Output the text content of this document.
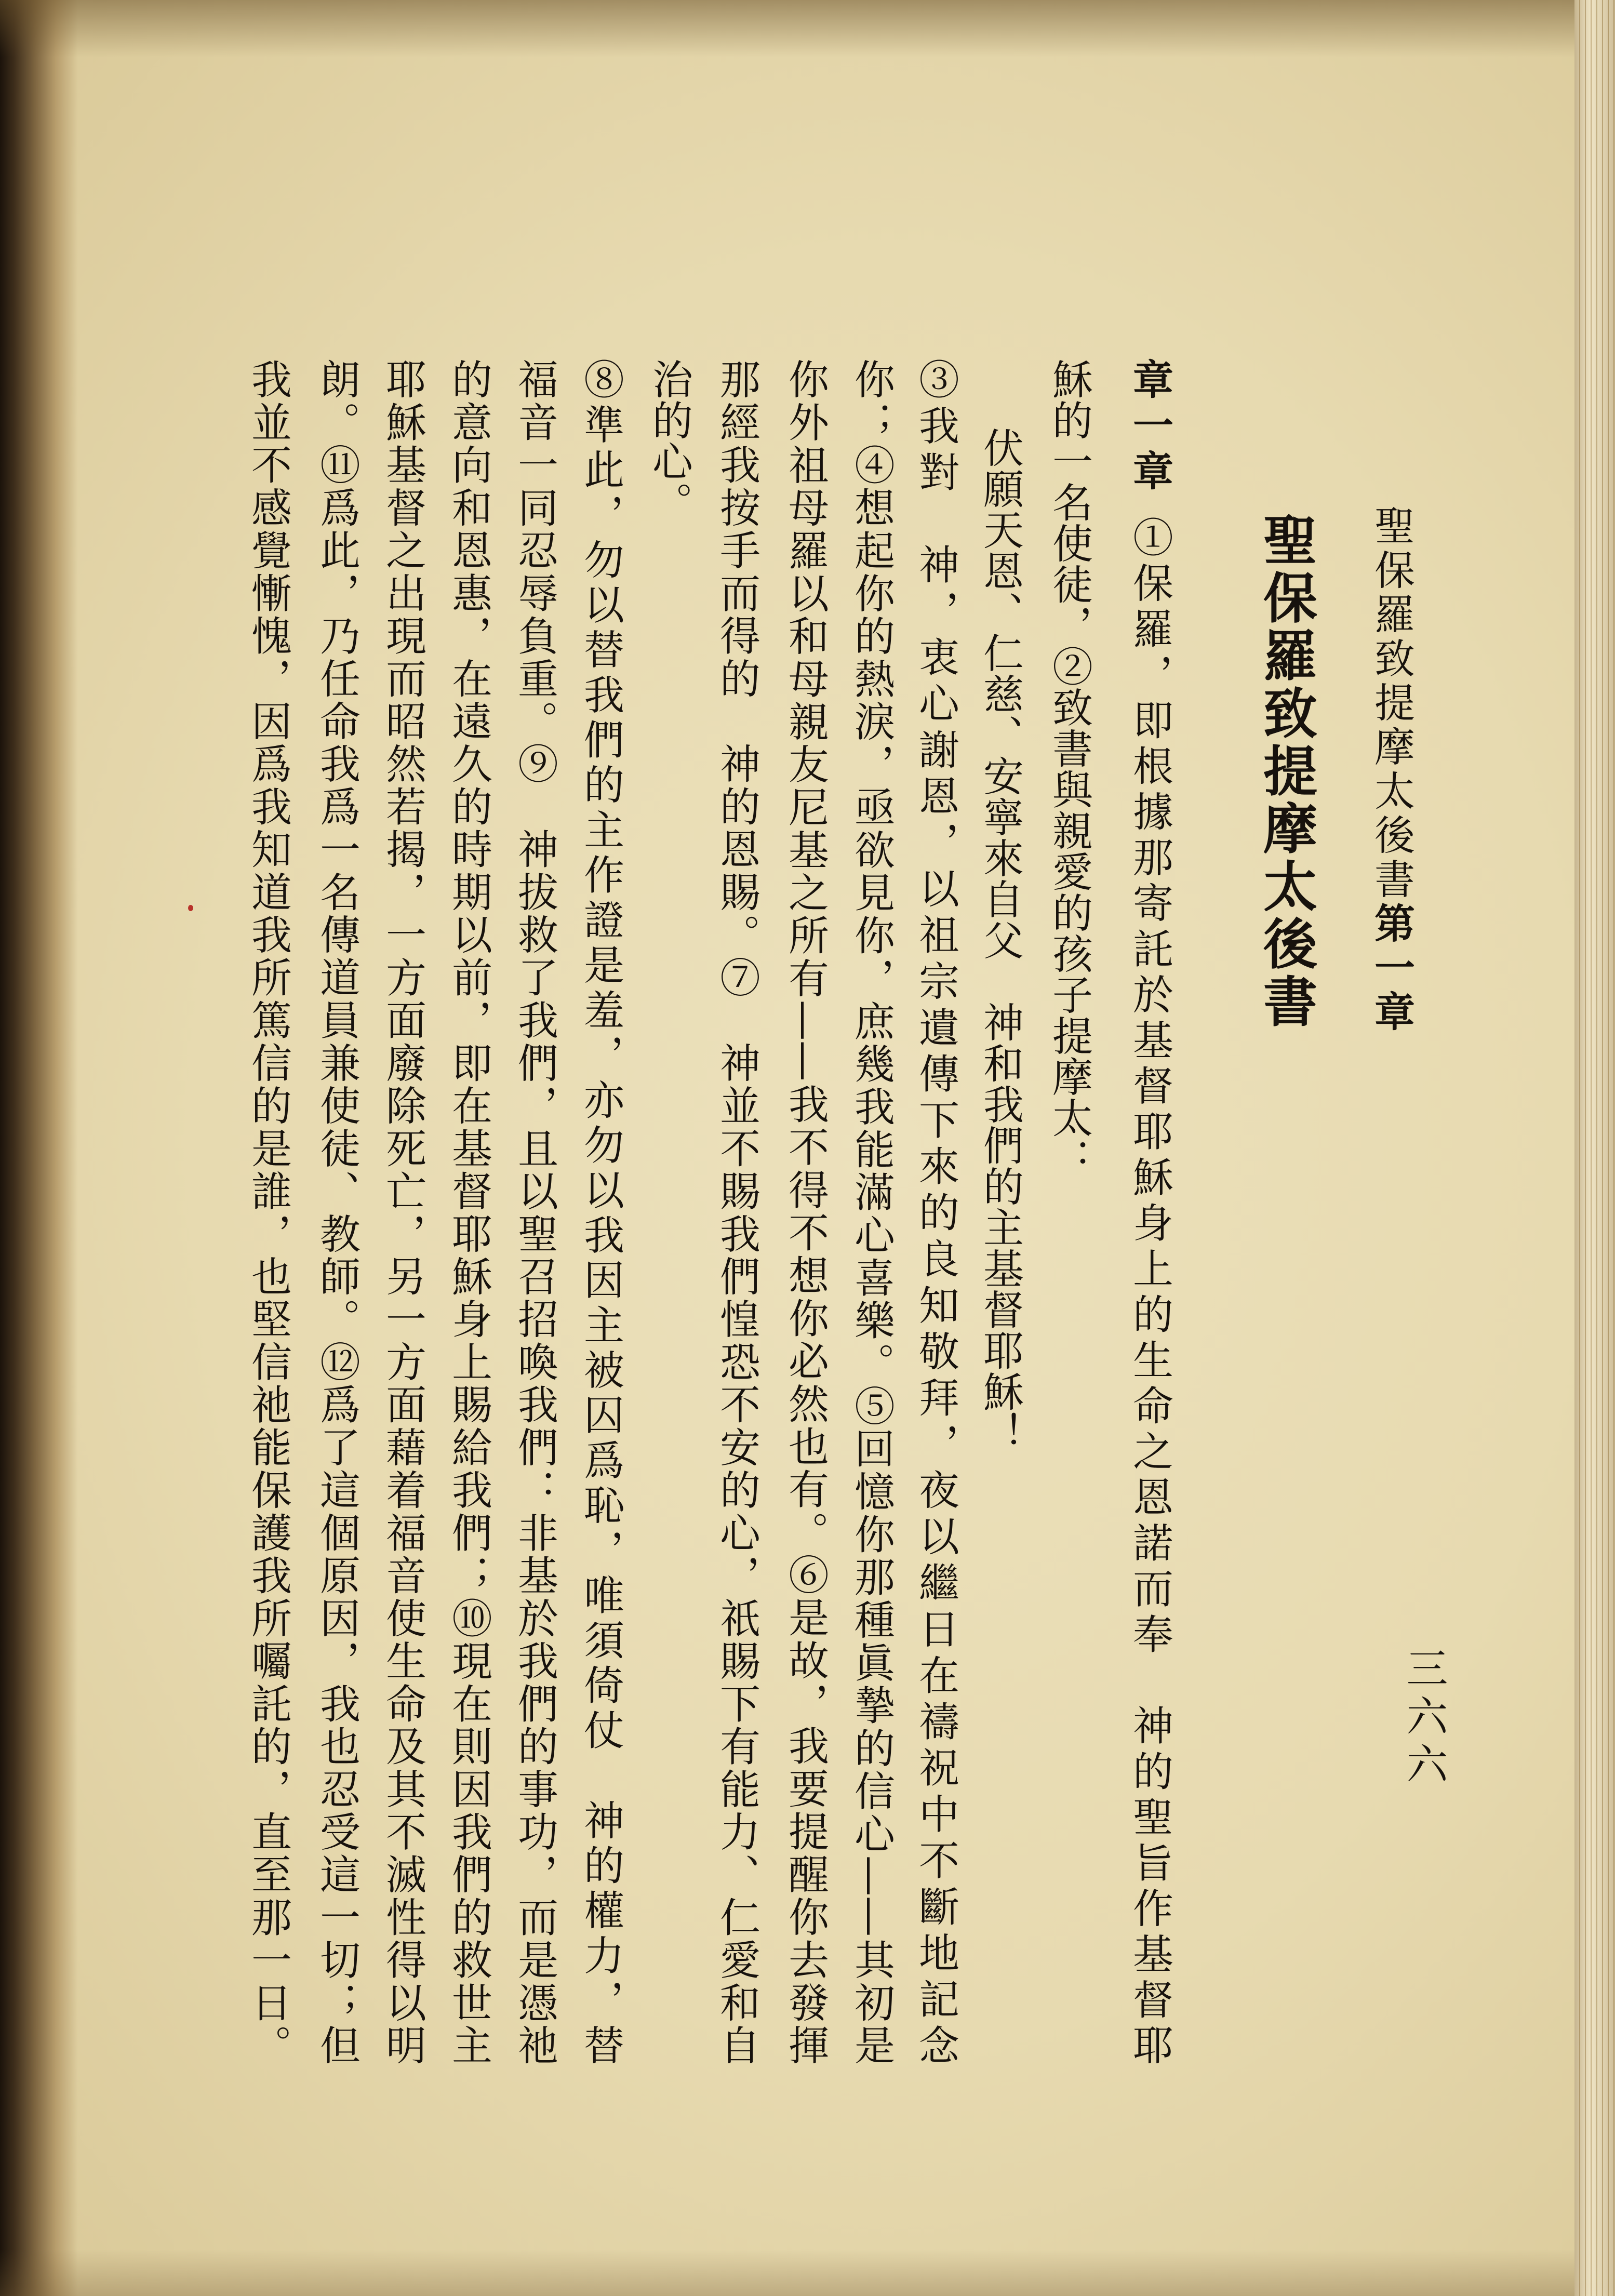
聖保羅致提摩太後書第一章
三六六
聖保羅致提摩太後書
章一章①保羅，即根據那寄託於基督耶穌身上的生命之恩諾而奉　神的聖旨作基督耶
穌的一名使徒，②致書與親愛的孩子提摩太：
伏願天恩、仁慈、安寧來自父　神和我們的主基督耶穌！
③我對　神，衷心謝恩，以祖宗遺傳下來的良知敬拜，夜以繼日在禱祝中不斷地記念
你；④想起你的熱淚，亟欲見你，庶幾我能滿心喜樂。⑤回憶你那種眞摯的信心——其初是
你外祖母羅以和母親友尼基之所有——我不得不想你必然也有。⑥是故，我要提醒你去發揮
那經我按手而得的　神的恩賜。⑦　神並不賜我們惶恐不安的心，祇賜下有能力、仁愛和自
治的心。
⑧準此，勿以替我們的主作證是羞，亦勿以我因主被囚爲恥，唯須倚仗　神的權力，替
福音一同忍辱負重。⑨　神拔救了我們，且以聖召招喚我們：非基於我們的事功，而是憑祂
的意向和恩惠，在遠久的時期以前，即在基督耶穌身上賜給我們；⑩現在則因我們的救世主
耶穌基督之出現而昭然若揭，一方面廢除死亡，另一方面藉着福音使生命及其不滅性得以明
朗。⑪爲此，乃任命我爲一名傳道員兼使徒、教師。⑫爲了這個原因，我也忍受這一切；但
我並不感覺慚愧，因爲我知道我所篤信的是誰，也堅信祂能保護我所囑託的，直至那一日。
